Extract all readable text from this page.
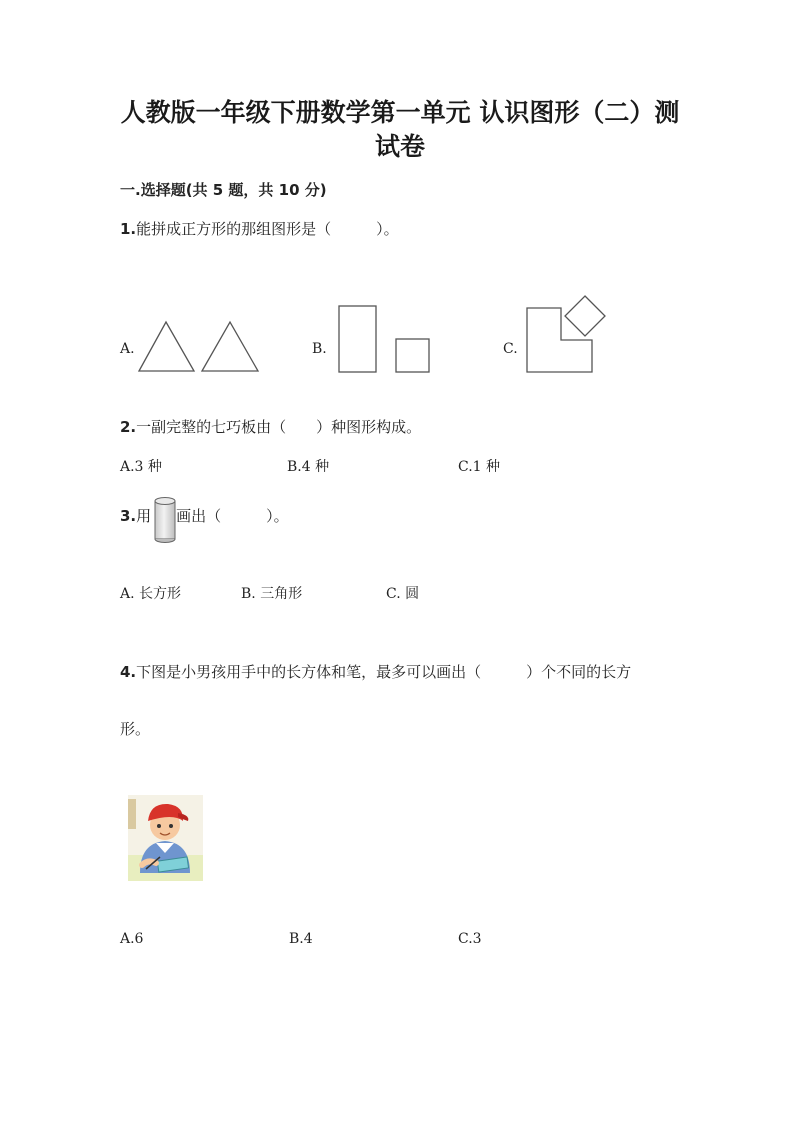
人教版一年级下册数学第一单元 认识图形（二）测
试卷
一.选择题(共 5 题，共 10 分)
1.能拼成正方形的那组图形是（　　　）。
A.	B.	C.
2.一副完整的七巧板由（　　）种图形构成。
A.3 种	B.4 种	C.1 种
3.用 画出（　　　）。
A. 长方形	B. 三角形	C. 圆
4.下图是小男孩用手中的长方体和笔，最多可以画出（　　　）个不同的长方
形。
A.6	B.4	C.3
